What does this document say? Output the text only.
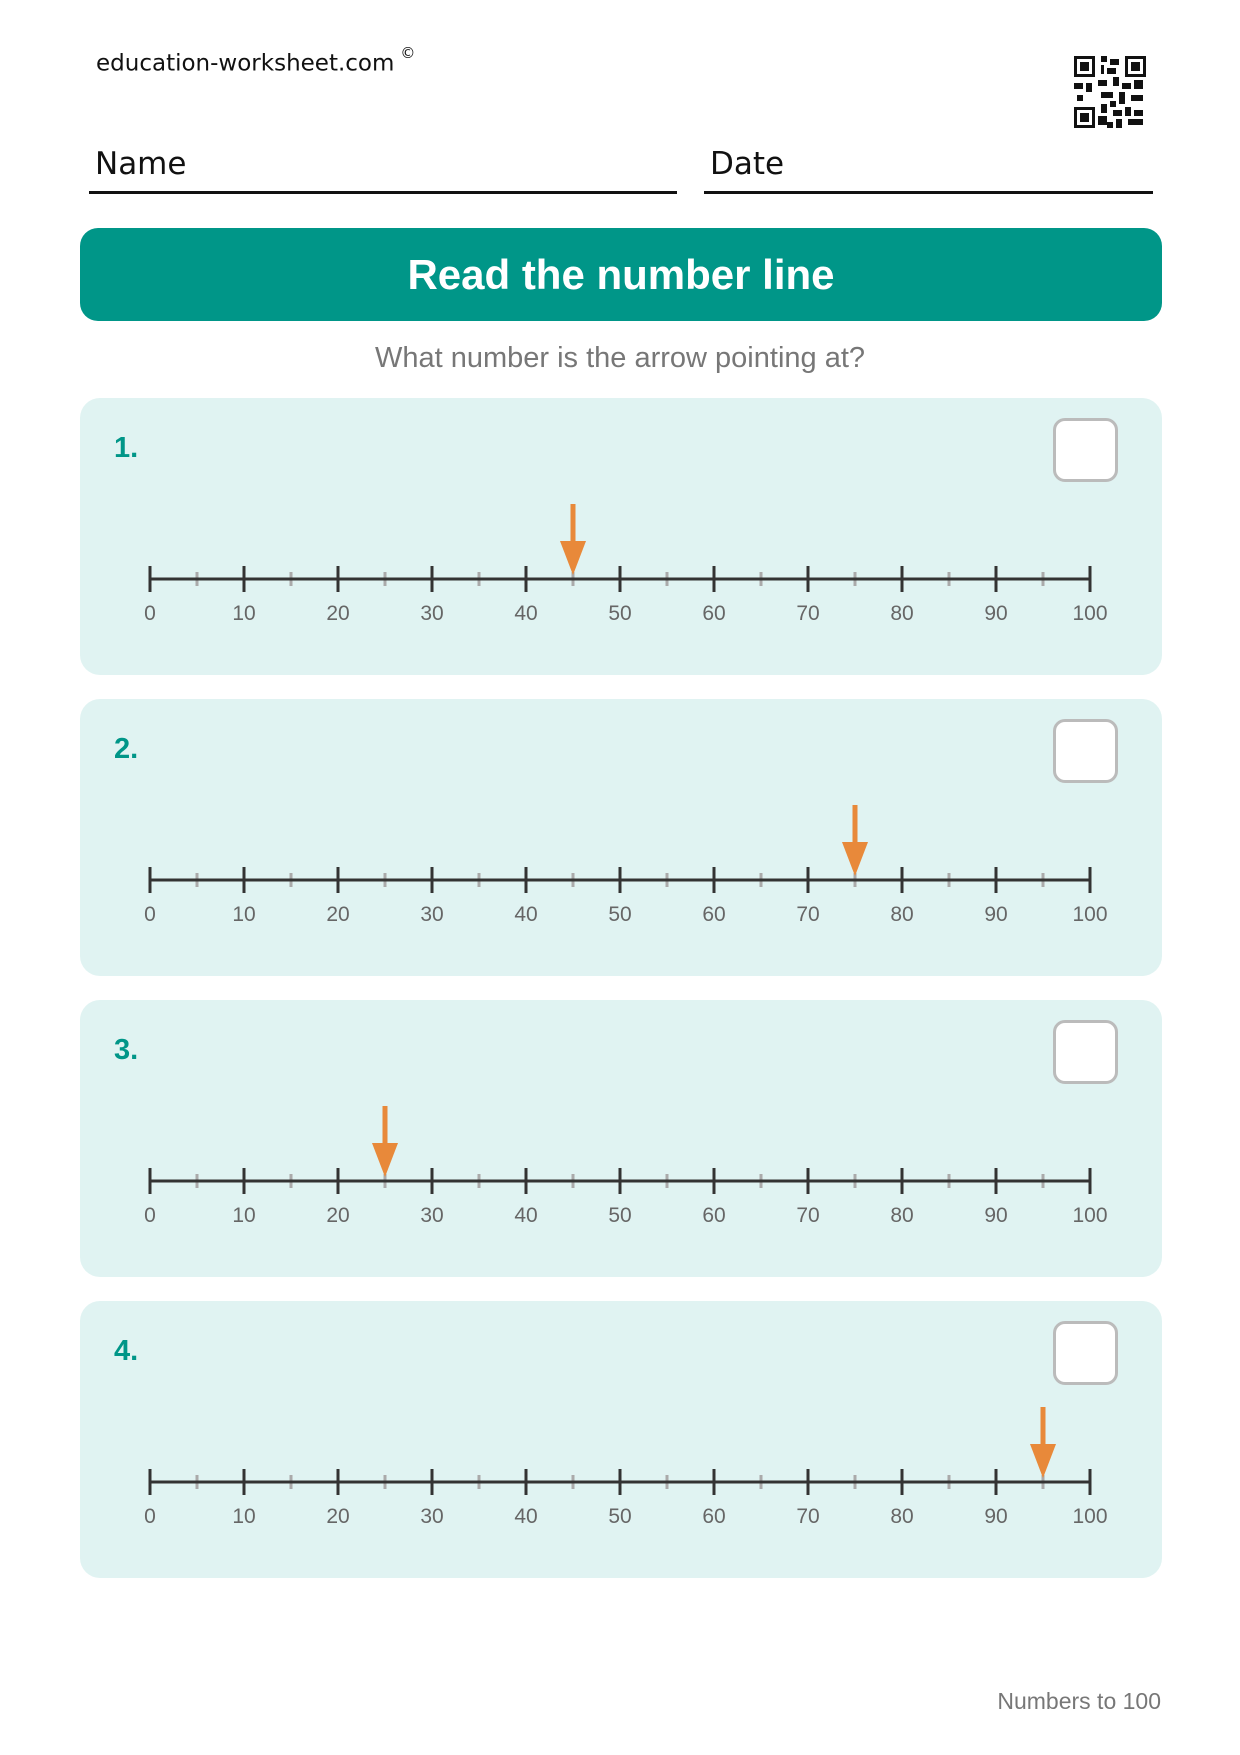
education-worksheet.com ©
Name	Date
Read the number line
What number is the arrow pointing at?
1.
0	10	20	30	40	50	60	70	80	90	100
2.
0	10	20	30	40	50	60	70	80	90	100
3.
0	10	20	30	40	50	60	70	80	90	100
4.
0	10	20	30	40	50	60	70	80	90	100
Numbers to 100
